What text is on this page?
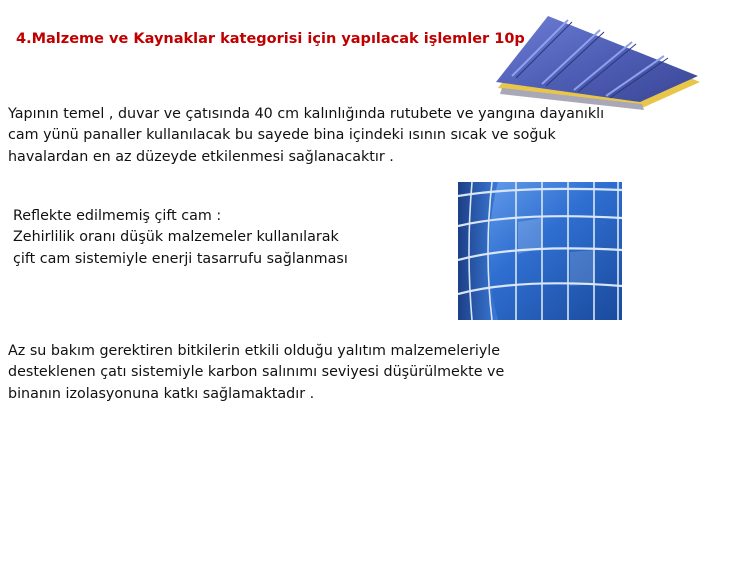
4.Malzeme ve Kaynaklar kategorisi için yapılacak işlemler 10p
Yapının temel , duvar ve çatısında 40 cm kalınlığında rutubete ve yangına dayanıklı
cam yünü panaller kullanılacak bu sayede bina içindeki ısının sıcak ve soğuk
havalardan en az düzeyde etkilenmesi sağlanacaktır .
Reflekte edilmemiş çift cam :
Zehirlilik oranı düşük malzemeler kullanılarak
çift cam sistemiyle enerji tasarrufu sağlanması
Az su bakım gerektiren bitkilerin etkili olduğu yalıtım malzemeleriyle
desteklenen çatı sistemiyle karbon salınımı seviyesi düşürülmekte ve
binanın izolasyonuna katkı sağlamaktadır .
